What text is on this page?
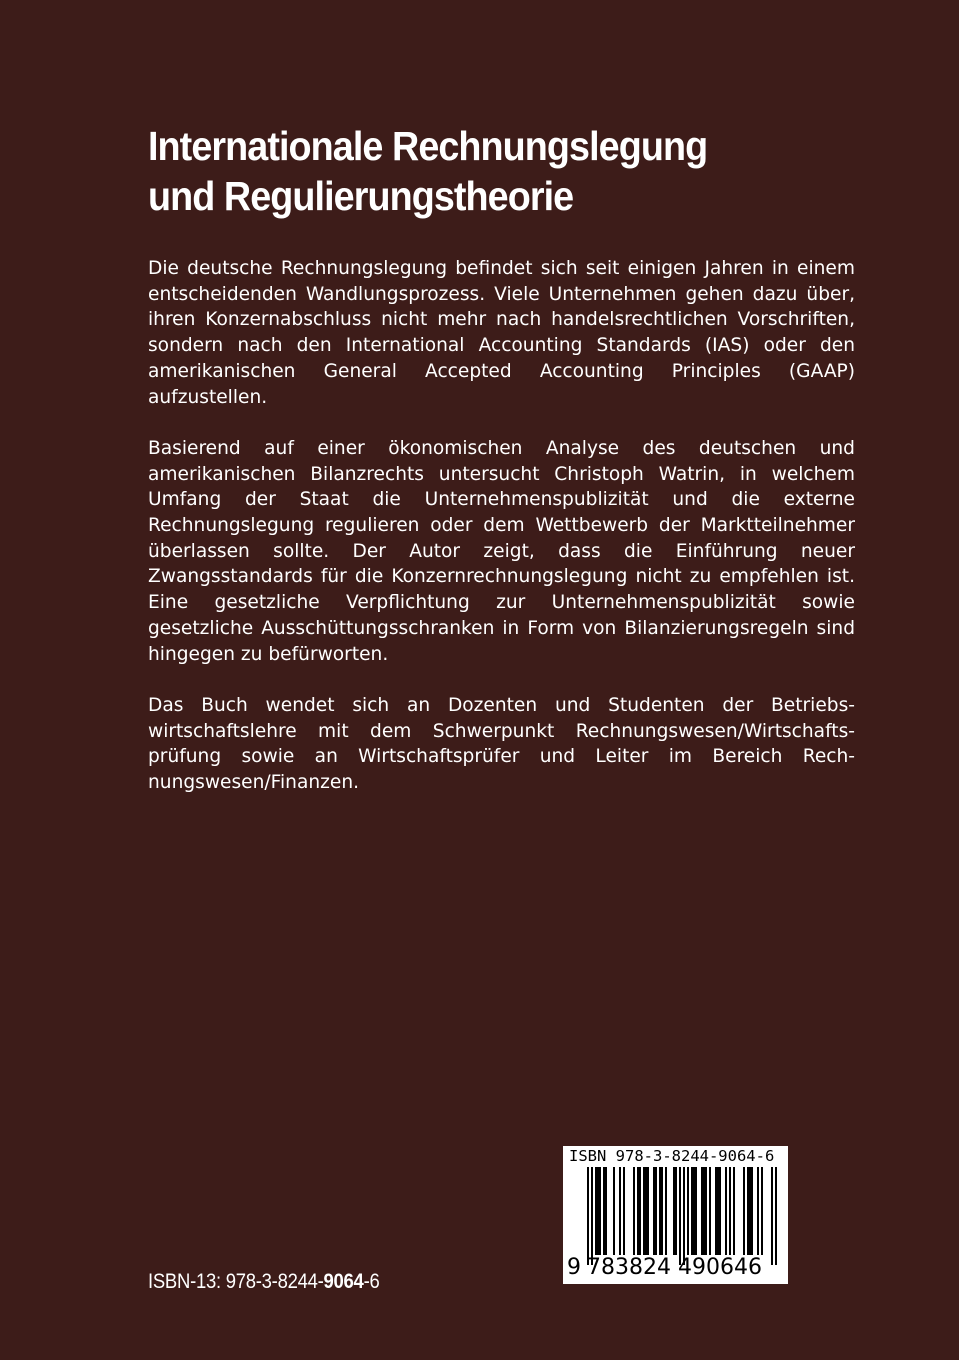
Internationale Rechnungslegung
und Regulierungstheorie

Die deutsche Rechnungslegung befindet sich seit einigen Jahren in einem entscheidenden Wandlungsprozess. Viele Unternehmen gehen dazu über, ihren Konzernabschluss nicht mehr nach handelsrechtlichen Vorschriften, sondern nach den International Accounting Standards (IAS) oder den amerikanischen General Accepted Accounting Principles (GAAP) aufzustellen.

Basierend auf einer ökonomischen Analyse des deutschen und amerikanischen Bilanzrechts untersucht Christoph Watrin, in welchem Umfang der Staat die Unternehmenspublizität und die externe Rechnungslegung regulieren oder dem Wettbewerb der Marktteilnehmer überlassen sollte. Der Autor zeigt, dass die Einführung neuer Zwangsstandards für die Konzernrechnungslegung nicht zu empfehlen ist. Eine gesetzliche Verpflichtung zur Unternehmenspublizität sowie gesetzliche Ausschüttungsschranken in Form von Bilanzierungsregeln sind hingegen zu befürworten.

Das Buch wendet sich an Dozenten und Studenten der Betriebswirtschaftslehre mit dem Schwerpunkt Rechnungswesen/Wirtschaftsprüfung sowie an Wirtschaftsprüfer und Leiter im Bereich Rechnungswesen/Finanzen.

ISBN-13: 978-3-8244-9064-6
ISBN 978-3-8244-9064-6
9 783824 490646
